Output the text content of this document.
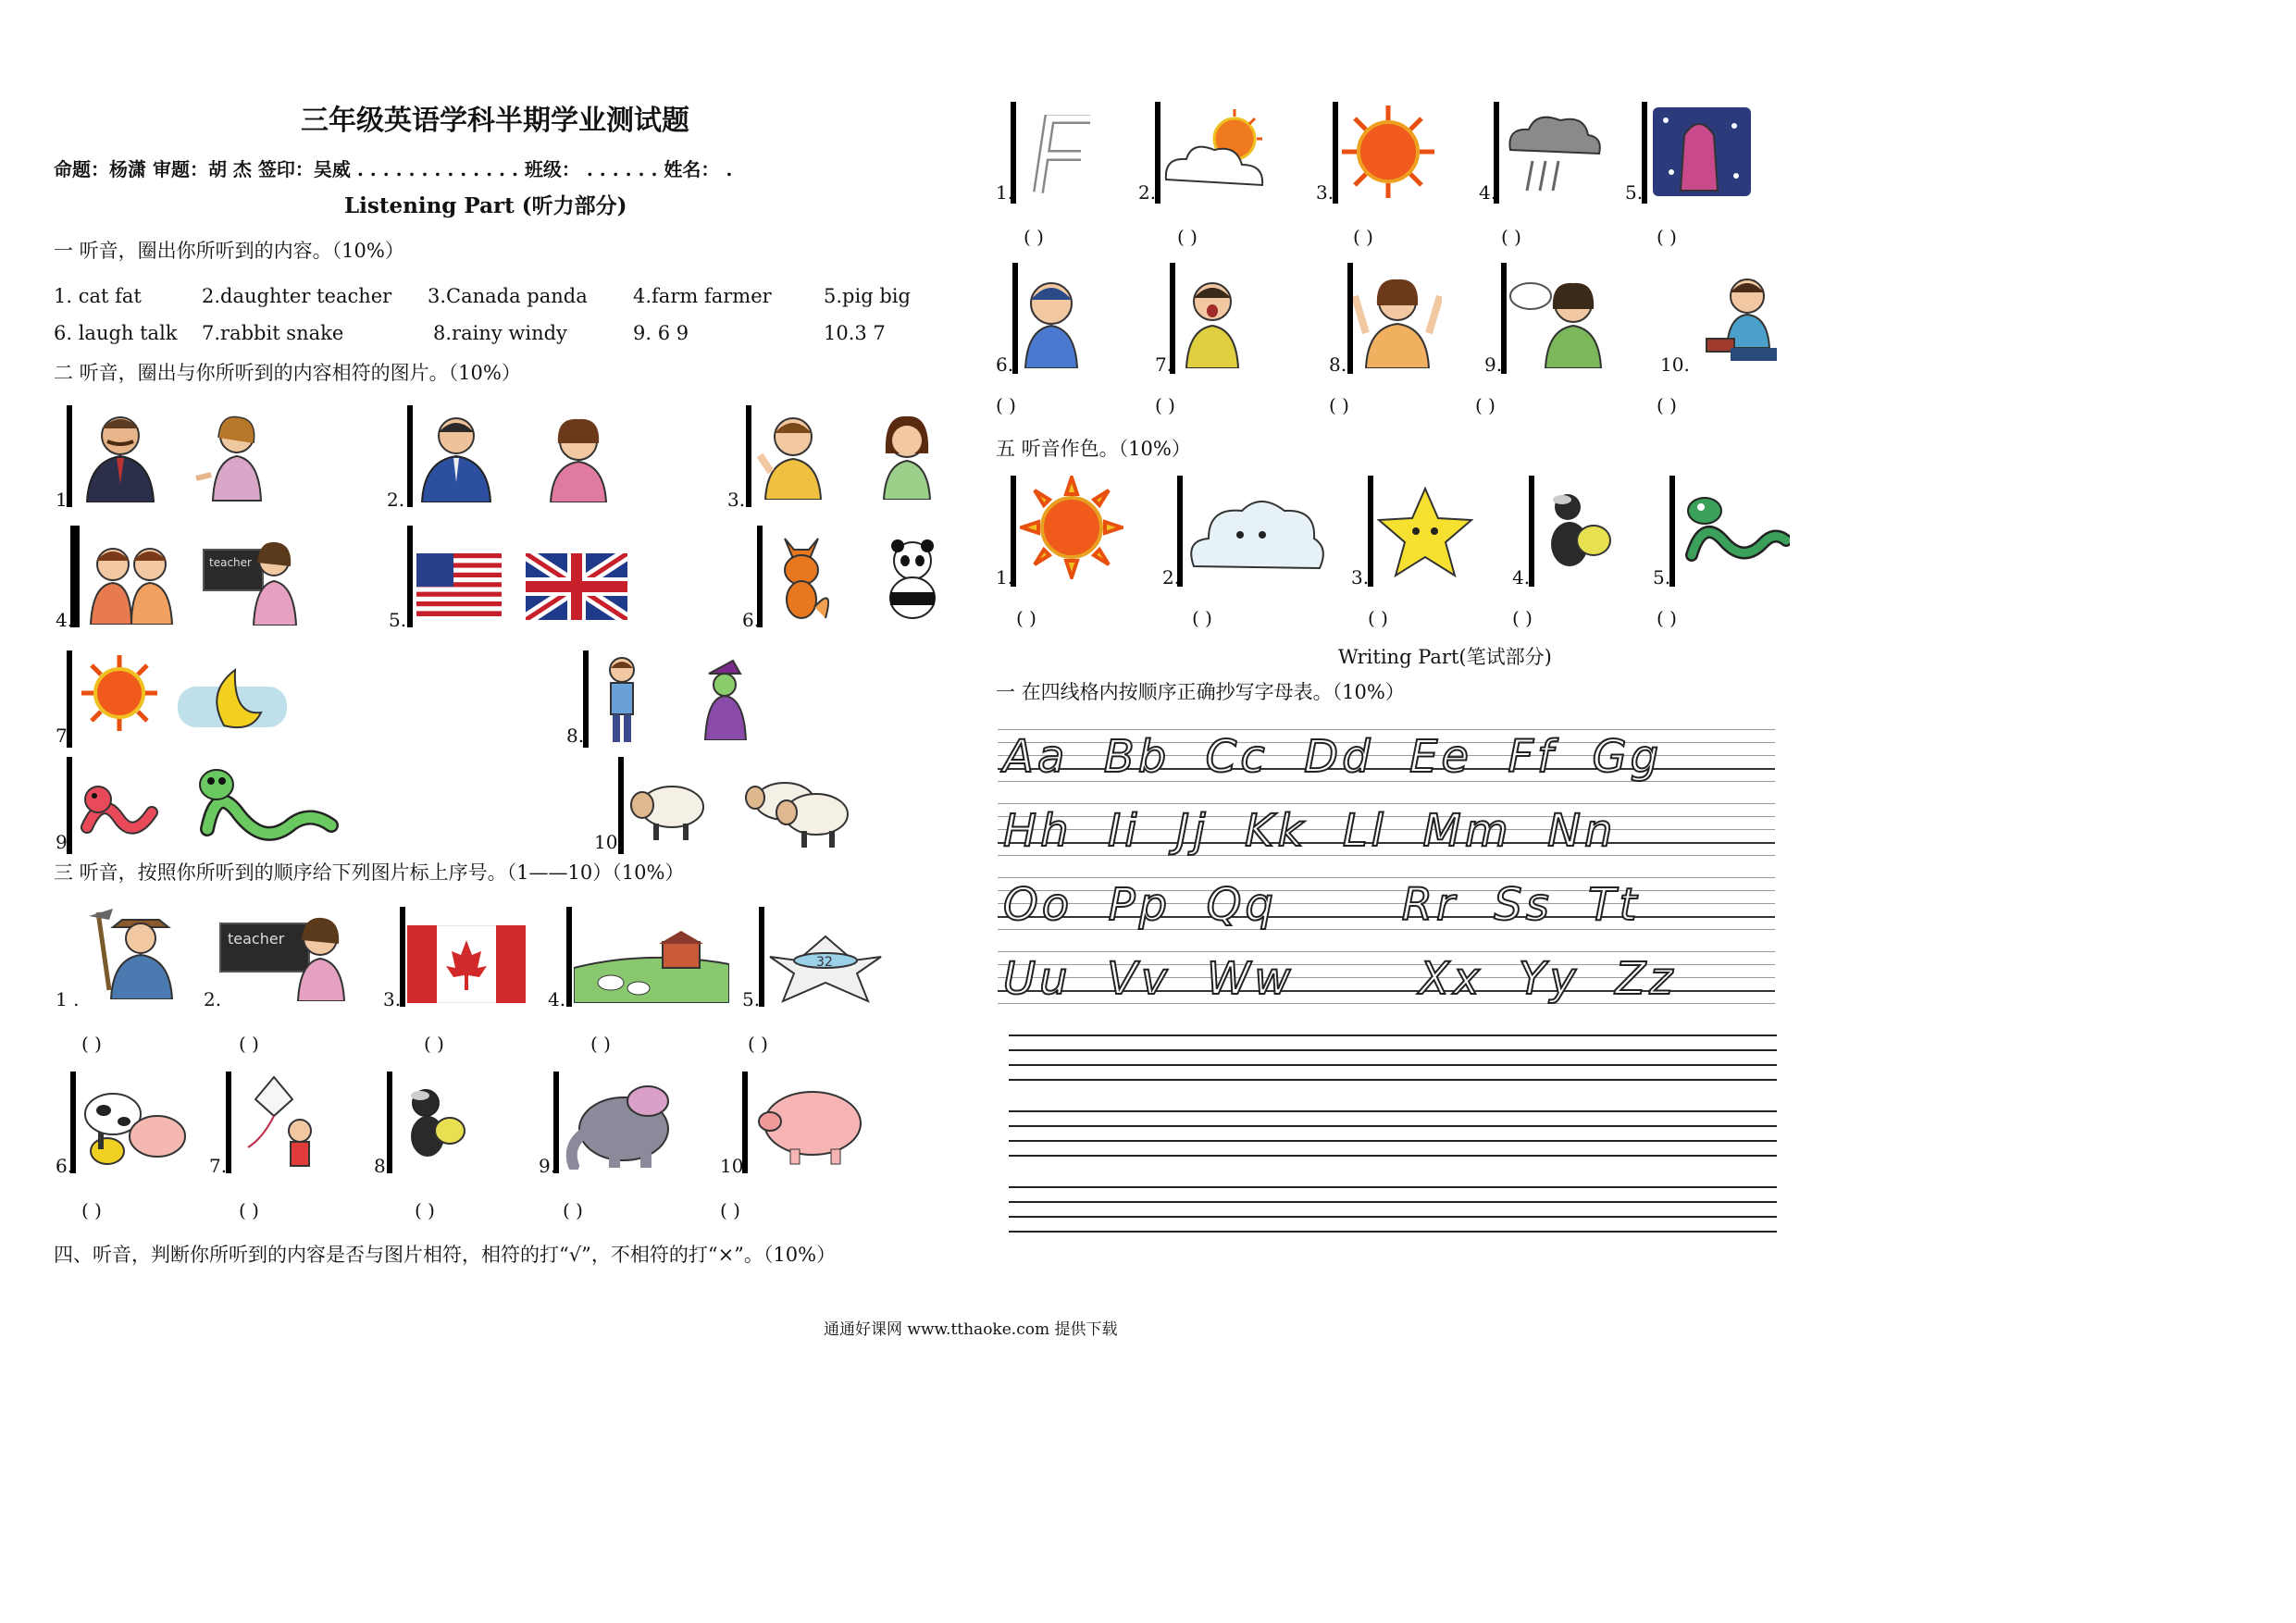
三年级英语学科半期学业测试题
命题：杨潇 审题：胡 杰 签印：吴威 . . . . . . . . . . . . . 班级： . . . . . . 姓名： .
Listening Part (听力部分)
一 听音，圈出你所听到的内容。（10%）
1. cat fat	2.daughter teacher 3.Canada panda 4.farm farmer	5.pig big
6. laugh talk 7.rabbit snake	8.rainy windy	9. 6 9	10.3 7
二 听音，圈出与你所听到的内容相符的图片。（10%）
1.	2.	3.
4.
teacher
5.	6.
7.	8.
9.	10.
三 听音，按照你所听到的顺序给下列图片标上序号。（1——10）（10%）
1 .	2.
teacher
3.	4.	5.
32
( )	( )	( )	( )	( )
6.	7.	8.	9.	10.
( )	( )	( )	( )	( )
四、听音，判断你所听到的内容是否与图片相符，相符的打“√”，不相符的打“×”。（10%）
1.	2.	3.	4.	5.
( )	( )	( )	( )	( )
6.	7.	8.	9.	10.
( )	( )	( )	( )	( )
五 听音作色。（10%）
1.	2.	3.	4.	5.
( )	( )	( )	( )	( )
Writing Part(笔试部分)
一 在四线格内按顺序正确抄写字母表。（10%）
Aa  Bb  Cc  Dd  Ee  Ff  Gg
Hh  Ii  Jj  Kk  Ll  Mm  Nn
Oo  Pp  Qq       Rr  Ss  Tt
Uu  Vv  Ww       Xx  Yy  Zz
通通好课网 www.tthaoke.com 提供下载
